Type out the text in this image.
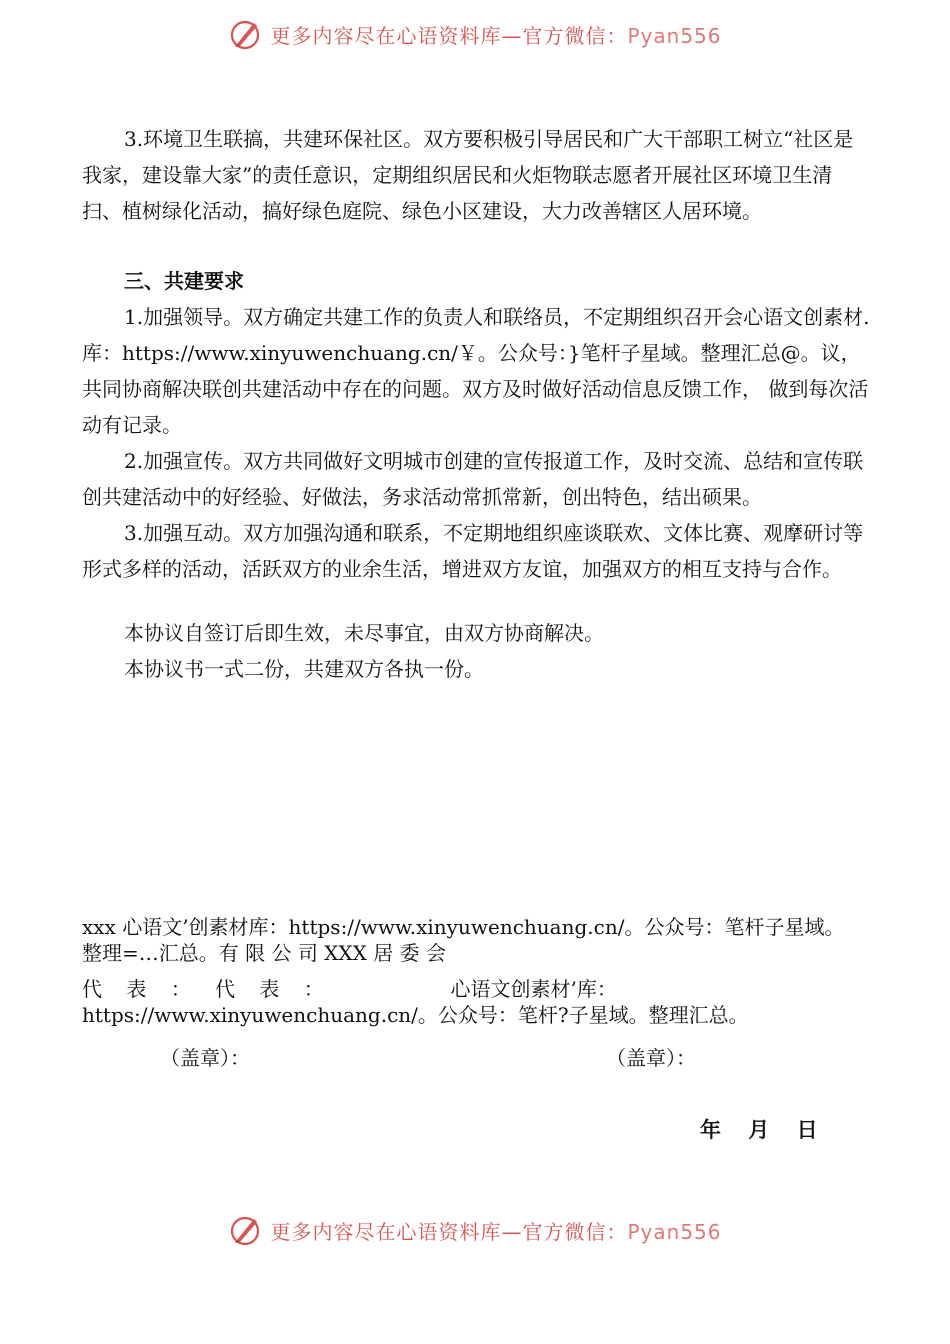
更多内容尽在心语资料库—官方微信：Pyan556

3.环境卫生联搞，共建环保社区。双方要积极引导居民和广大干部职工树立“社区是我家，建设靠大家”的责任意识，定期组织居民和火炬物联志愿者开展社区环境卫生清扫、植树绿化活动，搞好绿色庭院、绿色小区建设，大力改善辖区人居环境。

三、共建要求

1.加强领导。双方确定共建工作的负责人和联络员，不定期组织召开会心语文创素材.库：https://www.xinyuwenchuang.cn/￥。公众号：}笔杆子星域。整理汇总@。议， 共同协商解决联创共建活动中存在的问题。双方及时做好活动信息反馈工作， 做到每次活动有记录。

2.加强宣传。双方共同做好文明城市创建的宣传报道工作，及时交流、总结和宣传联创共建活动中的好经验、好做法，务求活动常抓常新，创出特色，结出硕果。

3.加强互动。双方加强沟通和联系，不定期地组织座谈联欢、文体比赛、观摩研讨等形式多样的活动，活跃双方的业余生活，增进双方友谊，加强双方的相互支持与合作。

本协议自签订后即生效，未尽事宜，由双方协商解决。

本协议书一式二份，共建双方各执一份。

xxx 心语文’创素材库：https://www.xinyuwenchuang.cn/。公众号：笔杆子星域。

整理=…汇总。有 限 公 司 XXX 居 委 会

代 表 ： 代 表 ：	心语文创素材’库：

https://www.xinyuwenchuang.cn/。公众号：笔杆?子星域。整理汇总。

（盖章）：	（盖章）：
年 月 日
更多内容尽在心语资料库—官方微信：Pyan556
